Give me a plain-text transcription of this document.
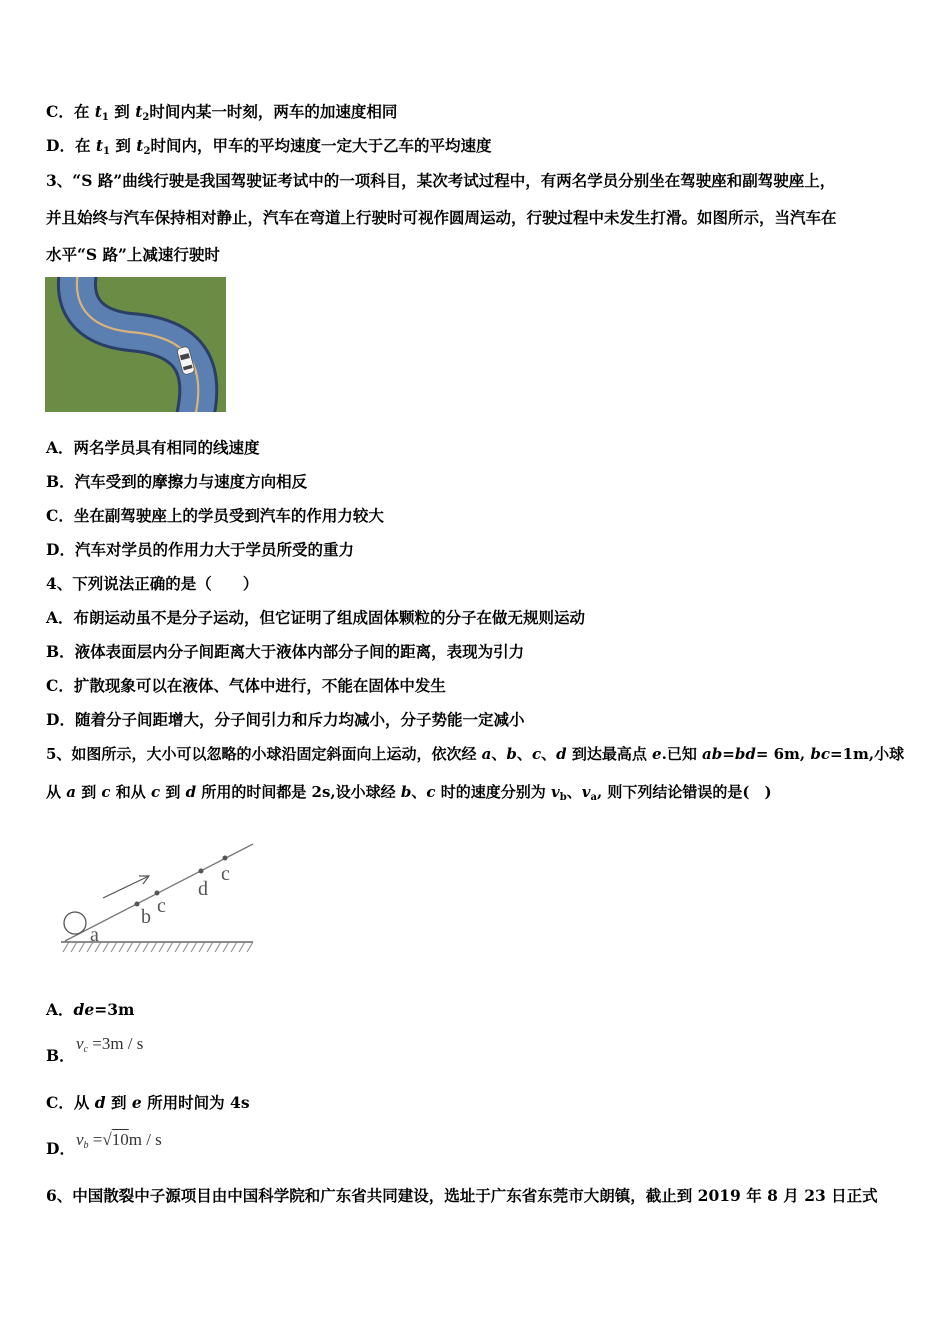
C．在 $t_1$ 到 $t_2$时间内某一时刻，两车的加速度相同
D．在 $t_1$ 到 $t_2$时间内，甲车的平均速度一定大于乙车的平均速度
3、“S 路”曲线行驶是我国驾驶证考试中的一项科目，某次考试过程中，有两名学员分别坐在驾驶座和副驾驶座上，
并且始终与汽车保持相对静止，汽车在弯道上行驶时可视作圆周运动，行驶过程中未发生打滑。如图所示，当汽车在
水平“S 路”上减速行驶时
A．两名学员具有相同的线速度
B．汽车受到的摩擦力与速度方向相反
C．坐在副驾驶座上的学员受到汽车的作用力较大
D．汽车对学员的作用力大于学员所受的重力
4、下列说法正确的是（　　）
A．布朗运动虽不是分子运动，但它证明了组成固体颗粒的分子在做无规则运动
B．液体表面层内分子间距离大于液体内部分子间的距离，表现为引力
C．扩散现象可以在液体、气体中进行，不能在固体中发生
D．随着分子间距增大，分子间引力和斥力均减小，分子势能一定减小
5、如图所示，大小可以忽略的小球沿固定斜面向上运动，依次经 a、b、c、d 到达最高点 e.已知 ab=bd= 6m, bc=1m,小球
从 a 到 c 和从 c 到 d 所用的时间都是 2s,设小球经 b、c 时的速度分别为 $v_b$、$v_a$, 则下列结论错误的是(　)
a
b c
d
c
A．de=3m
B．
$v_c =3m / s$
C．从 d 到 e 所用时间为 4s
D． $v_b =√10m / s$
6、中国散裂中子源项目由中国科学院和广东省共同建设，选址于广东省东莞市大朗镇，截止到 2019 年 8 月 23 日正式
